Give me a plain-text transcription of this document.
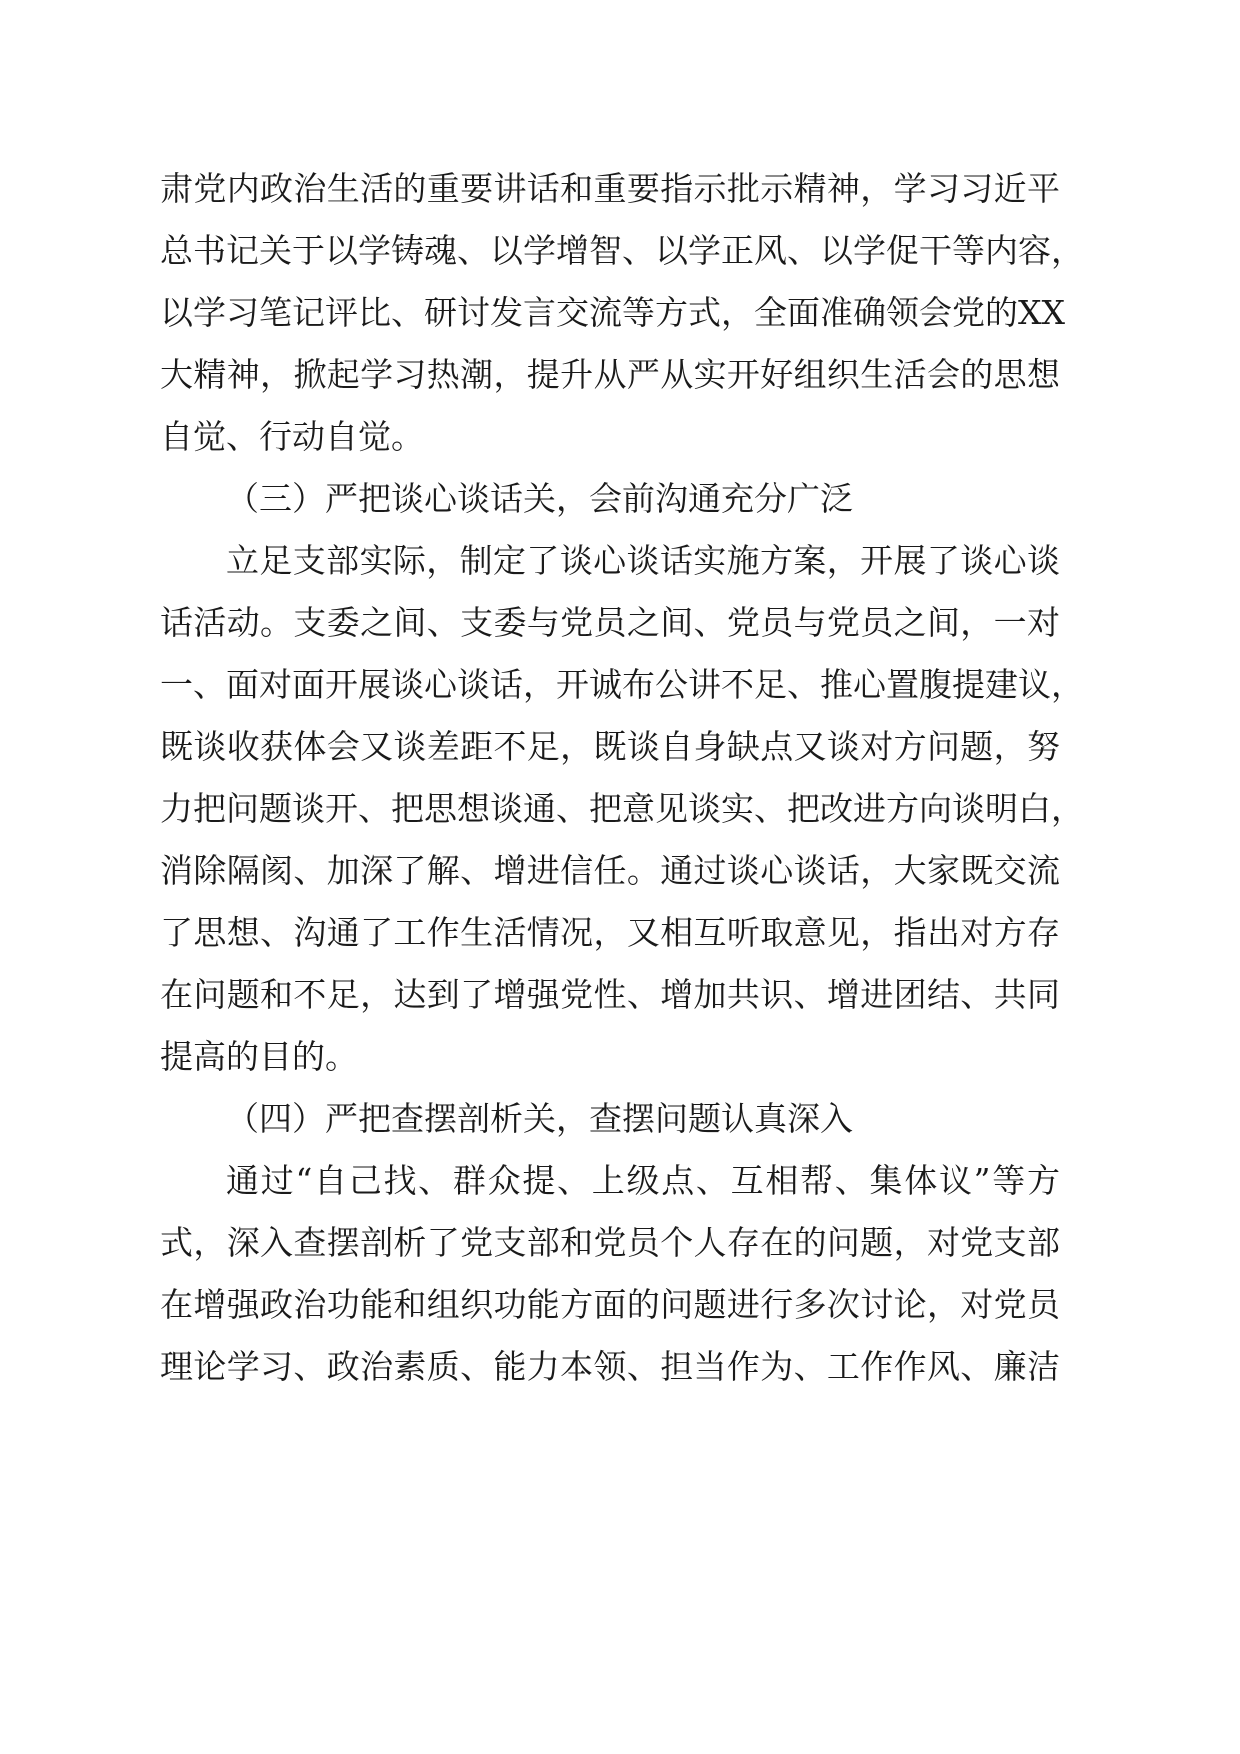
肃党内政治生活的重要讲话和重要指示批示精神，学习习近平
总书记关于以学铸魂、以学增智、以学正风、以学促干等内容，
以学习笔记评比、研讨发言交流等方式，全面准确领会党的XX
大精神，掀起学习热潮，提升从严从实开好组织生活会的思想
自觉、行动自觉。
（三）严把谈心谈话关，会前沟通充分广泛
立足支部实际，制定了谈心谈话实施方案，开展了谈心谈
话活动。支委之间、支委与党员之间、党员与党员之间，一对
一、面对面开展谈心谈话，开诚布公讲不足、推心置腹提建议，
既谈收获体会又谈差距不足，既谈自身缺点又谈对方问题，努
力把问题谈开、把思想谈通、把意见谈实、把改进方向谈明白，
消除隔阂、加深了解、增进信任。通过谈心谈话，大家既交流
了思想、沟通了工作生活情况，又相互听取意见，指出对方存
在问题和不足，达到了增强党性、增加共识、增进团结、共同
提高的目的。
（四）严把查摆剖析关，查摆问题认真深入
通过“自己找、群众提、上级点、互相帮、集体议”等方
式，深入查摆剖析了党支部和党员个人存在的问题，对党支部
在增强政治功能和组织功能方面的问题进行多次讨论，对党员
理论学习、政治素质、能力本领、担当作为、工作作风、廉洁
